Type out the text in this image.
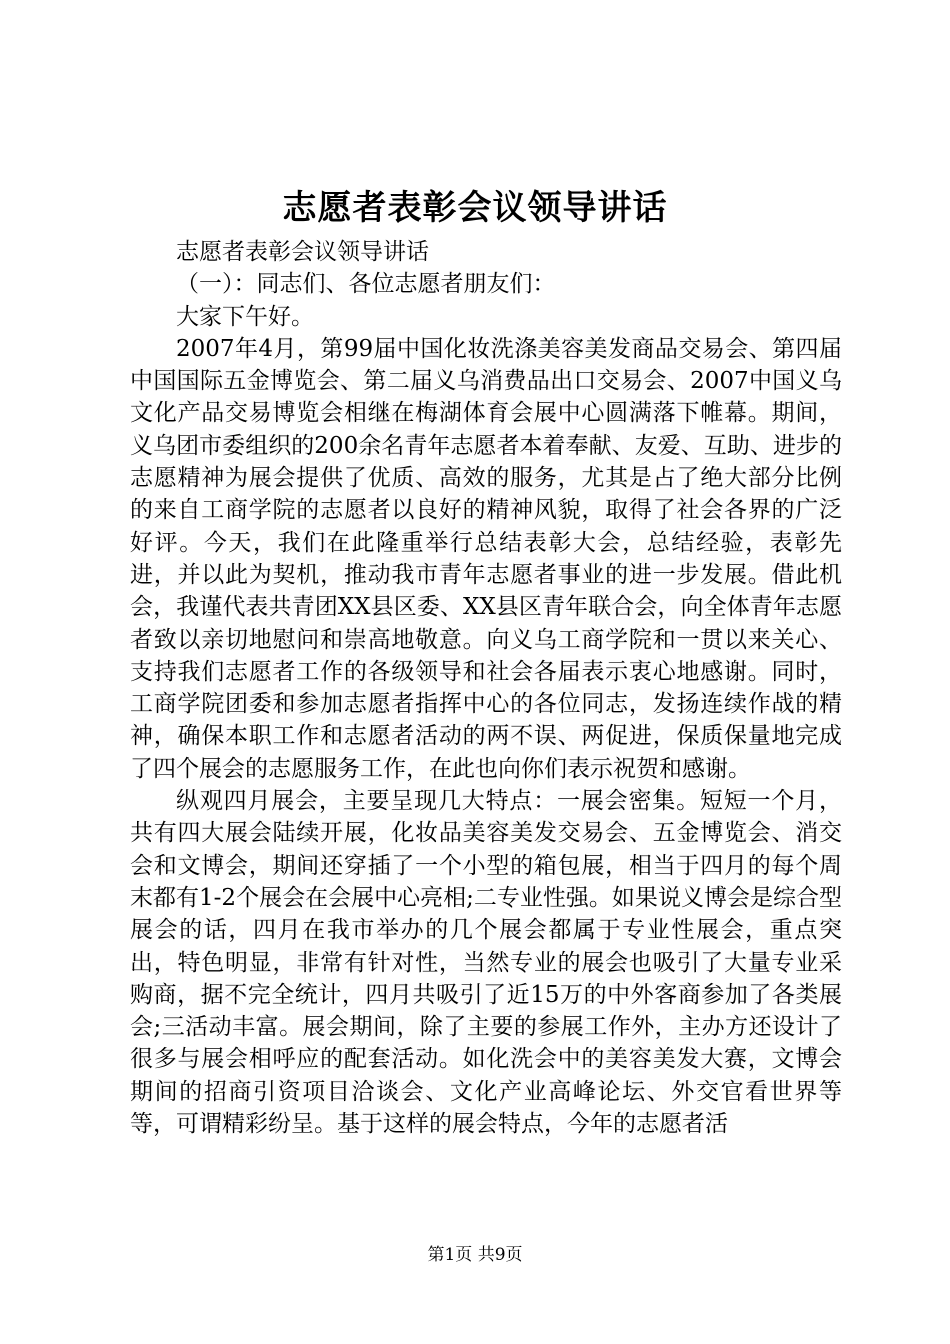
志愿者表彰会议领导讲话

志愿者表彰会议领导讲话

（一）：同志们、各位志愿者朋友们：

大家下午好。

2007年4月，第99届中国化妆洗涤美容美发商品交易会、第四届中国国际五金博览会、第二届义乌消费品出口交易会、2007中国义乌文化产品交易博览会相继在梅湖体育会展中心圆满落下帷幕。期间，义乌团市委组织的200余名青年志愿者本着奉献、友爱、互助、进步的志愿精神为展会提供了优质、高效的服务，尤其是占了绝大部分比例的来自工商学院的志愿者以良好的精神风貌，取得了社会各界的广泛好评。今天，我们在此隆重举行总结表彰大会，总结经验，表彰先进，并以此为契机，推动我市青年志愿者事业的进一步发展。借此机会，我谨代表共青团XX县区委、XX县区青年联合会，向全体青年志愿者致以亲切地慰问和崇高地敬意。向义乌工商学院和一贯以来关心、支持我们志愿者工作的各级领导和社会各届表示衷心地感谢。同时，工商学院团委和参加志愿者指挥中心的各位同志，发扬连续作战的精神，确保本职工作和志愿者活动的两不误、两促进，保质保量地完成了四个展会的志愿服务工作，在此也向你们表示祝贺和感谢。

纵观四月展会，主要呈现几大特点：一展会密集。短短一个月，共有四大展会陆续开展，化妆品美容美发交易会、五金博览会、消交会和文博会，期间还穿插了一个小型的箱包展，相当于四月的每个周末都有1-2个展会在会展中心亮相;二专业性强。如果说义博会是综合型展会的话，四月在我市举办的几个展会都属于专业性展会，重点突出，特色明显，非常有针对性，当然专业的展会也吸引了大量专业采购商，据不完全统计，四月共吸引了近15万的中外客商参加了各类展会;三活动丰富。展会期间，除了主要的参展工作外，主办方还设计了很多与展会相呼应的配套活动。如化洗会中的美容美发大赛，文博会期间的招商引资项目洽谈会、文化产业高峰论坛、外交官看世界等等，可谓精彩纷呈。基于这样的展会特点，今年的志愿者活

第1页 共9页
